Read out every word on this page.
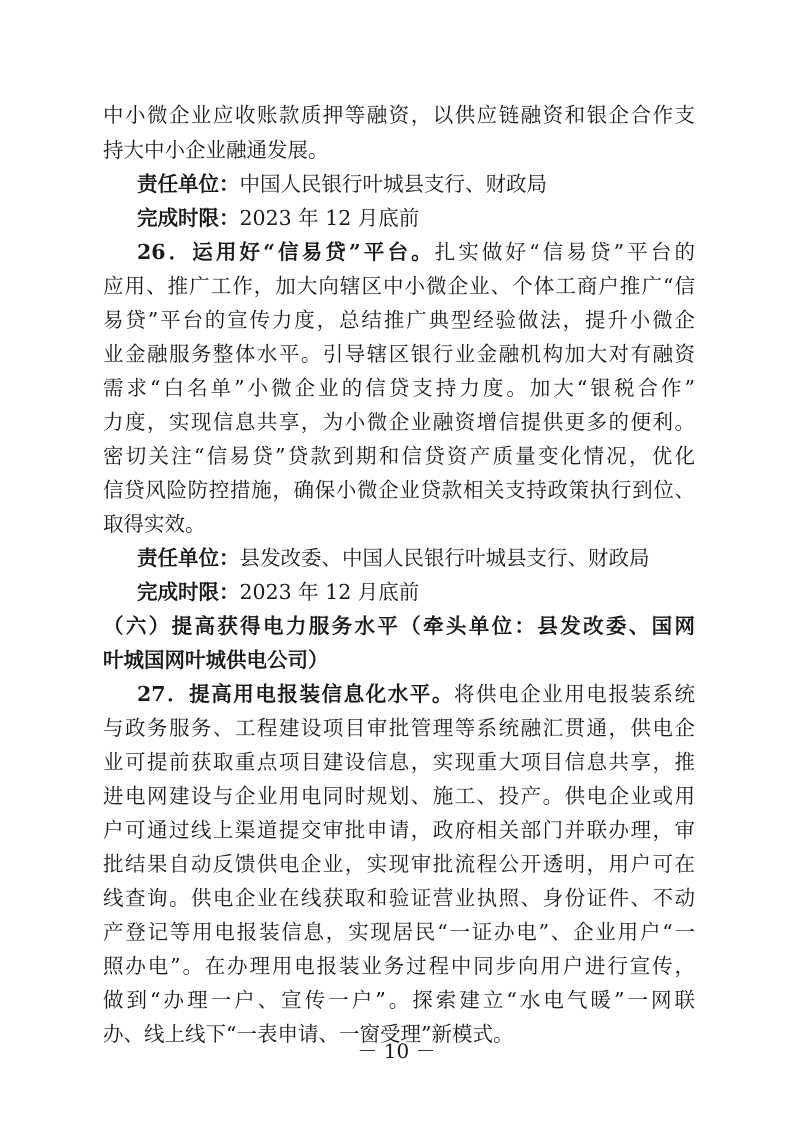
中小微企业应收账款质押等融资，以供应链融资和银企合作支
持大中小企业融通发展。
责任单位：中国人民银行叶城县支行、财政局
完成时限：2023 年 12 月底前
26．运用好“信易贷”平台。扎实做好“信易贷”平台的
应用、推广工作，加大向辖区中小微企业、个体工商户推广“信
易贷”平台的宣传力度，总结推广典型经验做法，提升小微企
业金融服务整体水平。引导辖区银行业金融机构加大对有融资
需求“白名单”小微企业的信贷支持力度。加大“银税合作”
力度，实现信息共享，为小微企业融资增信提供更多的便利。
密切关注“信易贷”贷款到期和信贷资产质量变化情况，优化
信贷风险防控措施，确保小微企业贷款相关支持政策执行到位、
取得实效。
责任单位：县发改委、中国人民银行叶城县支行、财政局
完成时限：2023 年 12 月底前
（六）提高获得电力服务水平（牵头单位：县发改委、国网
叶城国网叶城供电公司）
27．提高用电报装信息化水平。将供电企业用电报装系统
与政务服务、工程建设项目审批管理等系统融汇贯通，供电企
业可提前获取重点项目建设信息，实现重大项目信息共享，推
进电网建设与企业用电同时规划、施工、投产。供电企业或用
户可通过线上渠道提交审批申请，政府相关部门并联办理，审
批结果自动反馈供电企业，实现审批流程公开透明，用户可在
线查询。供电企业在线获取和验证营业执照、身份证件、不动
产登记等用电报装信息，实现居民“一证办电”、企业用户“一
照办电”。在办理用电报装业务过程中同步向用户进行宣传，
做到“办理一户、宣传一户”。探索建立“水电气暖”一网联
办、线上线下“一表申请、一窗受理”新模式。
－ 10 －
